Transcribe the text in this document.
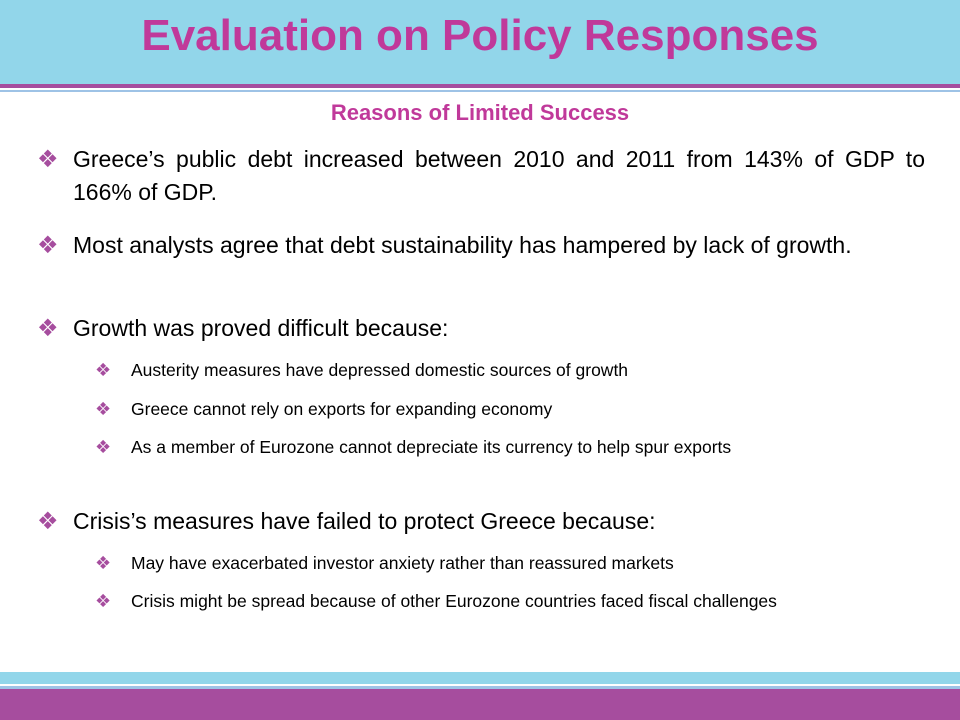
Evaluation on Policy Responses
Reasons of Limited Success
❖ Greece’s public debt increased between 2010 and 2011 from 143% of GDP to 166% of GDP.
❖ Most analysts agree that debt sustainability has hampered by lack of growth.
❖ Growth was proved difficult because:
❖ Austerity measures have depressed domestic sources of growth
❖ Greece cannot rely on exports for expanding economy
❖ As a member of Eurozone cannot depreciate its currency to help spur exports
❖ Crisis’s measures have failed to protect Greece because:
❖ May have exacerbated investor anxiety rather than reassured markets
❖ Crisis might be spread because of other Eurozone countries faced fiscal challenges
